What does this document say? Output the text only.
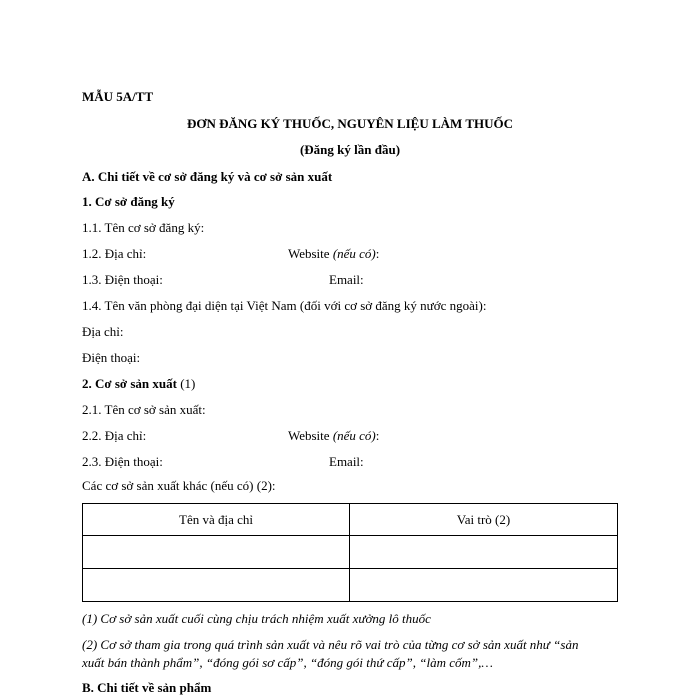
MẪU 5A/TT
ĐƠN ĐĂNG KÝ THUỐC, NGUYÊN LIỆU LÀM THUỐC
(Đăng ký lần đầu)
A. Chi tiết về cơ sở đăng ký và cơ sở sản xuất
1. Cơ sở đăng ký
1.1. Tên cơ sở đăng ký:
1.2. Địa chỉ:	Website (nếu có):
1.3. Điện thoại:	Email:
1.4. Tên văn phòng đại diện tại Việt Nam (đối với cơ sở đăng ký nước ngoài):
Địa chỉ:
Điện thoại:
2. Cơ sở sản xuất (1)
2.1. Tên cơ sở sản xuất:
2.2. Địa chỉ:	Website (nếu có):
2.3. Điện thoại:	Email:
Các cơ sở sản xuất khác (nếu có) (2):
Tên và địa chỉ	Vai trò (2)

(1) Cơ sở sản xuất cuối cùng chịu trách nhiệm xuất xưởng lô thuốc
(2) Cơ sở tham gia trong quá trình sản xuất và nêu rõ vai trò của từng cơ sở sản xuất như “sản
xuất bán thành phẩm”, “đóng gói sơ cấp”, “đóng gói thứ cấp”, “làm cốm”,…
B. Chi tiết về sản phẩm
